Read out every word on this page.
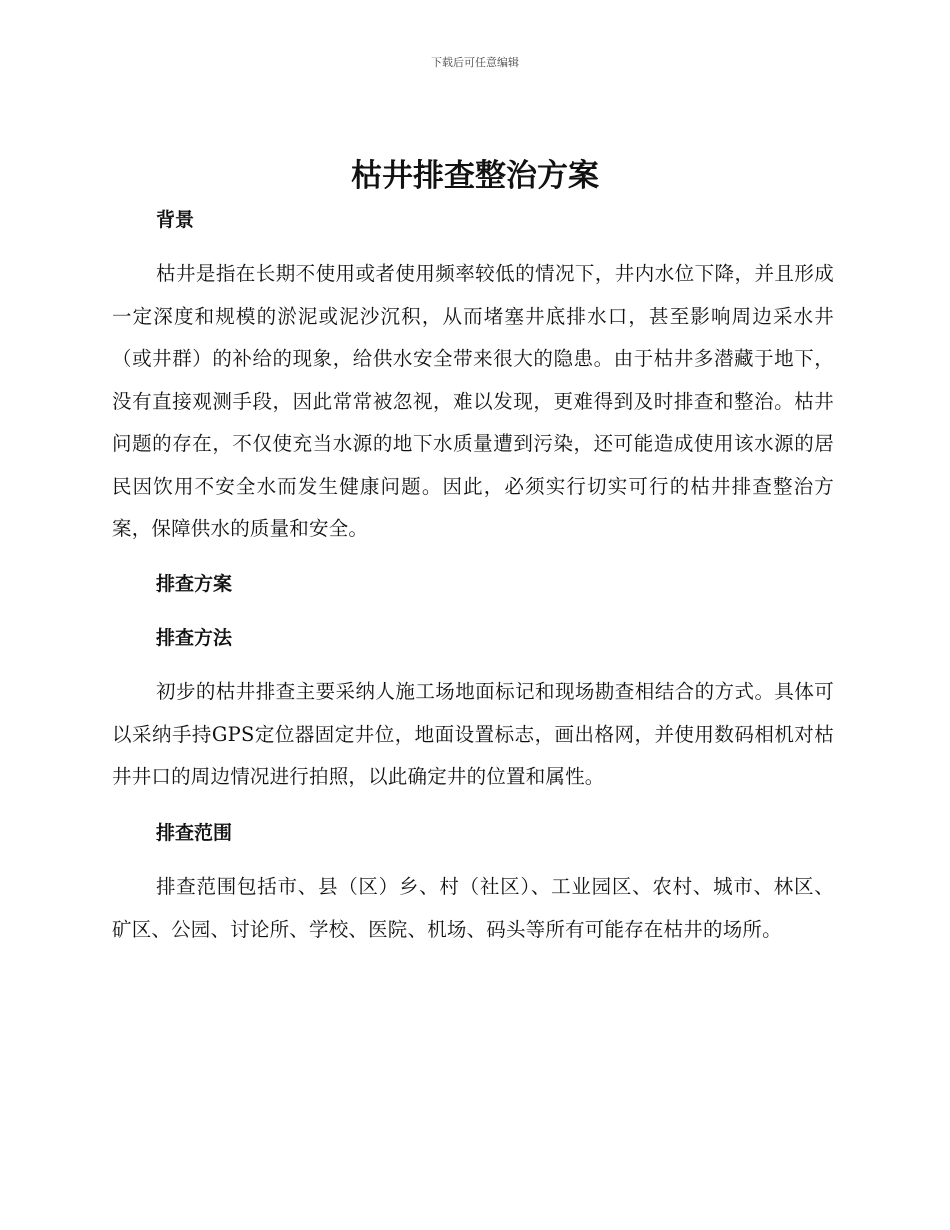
下载后可任意编辑
枯井排查整治方案
背景

枯井是指在长期不使用或者使用频率较低的情况下，井内水位下降，并且形成一定深度和规模的淤泥或泥沙沉积，从而堵塞井底排水口，甚至影响周边采水井（或井群）的补给的现象，给供水安全带来很大的隐患。由于枯井多潜藏于地下，没有直接观测手段，因此常常被忽视，难以发现，更难得到及时排查和整治。枯井问题的存在，不仅使充当水源的地下水质量遭到污染，还可能造成使用该水源的居民因饮用不安全水而发生健康问题。因此，必须实行切实可行的枯井排查整治方案，保障供水的质量和安全。

排查方案
排查方法

初步的枯井排查主要采纳人施工场地面标记和现场勘查相结合的方式。具体可以采纳手持GPS定位器固定井位，地面设置标志，画出格网，并使用数码相机对枯井井口的周边情况进行拍照，以此确定井的位置和属性。

排查范围

排查范围包括市、县（区）乡、村（社区）、工业园区、农村、城市、林区、矿区、公园、讨论所、学校、医院、机场、码头等所有可能存在枯井的场所。
